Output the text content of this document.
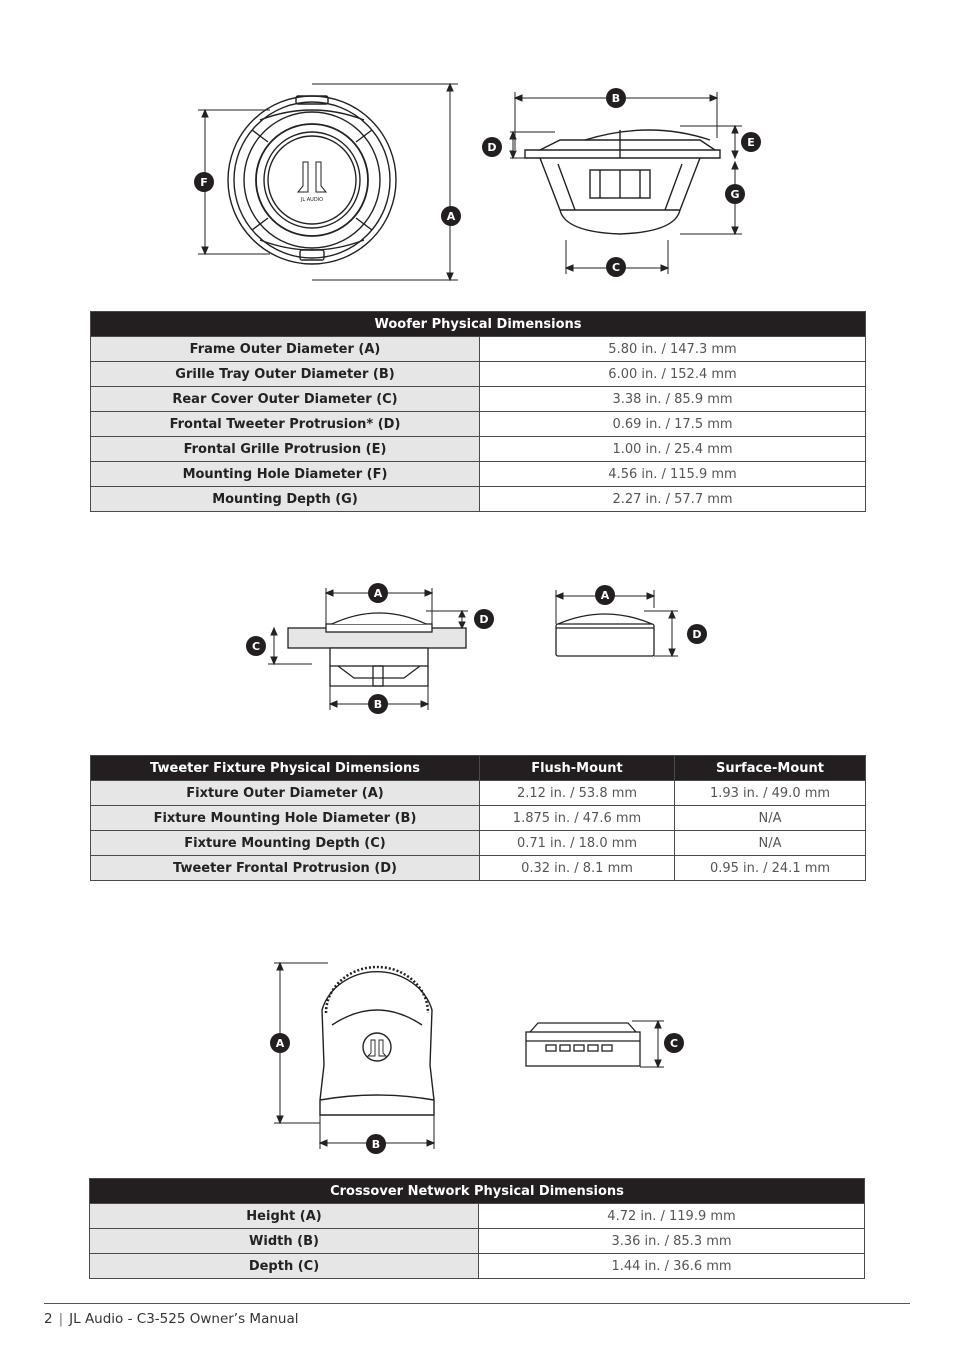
JL AUDIO
B
D	E
F
G
A
C
Woofer Physical Dimensions	
Frame Outer Diameter (A)	5.80 in. / 147.3 mm
Grille Tray Outer Diameter (B)	6.00 in. / 152.4 mm
Rear Cover Outer Diameter (C)	3.38 in. / 85.9 mm
Frontal Tweeter Protrusion* (D)	0.69 in. / 17.5 mm
Frontal Grille Protrusion (E)	1.00 in. / 25.4 mm
Mounting Hole Diameter (F)	4.56 in. / 115.9 mm
Mounting Depth (G)	2.27 in. / 57.7 mm
A
D
C
B
A
D
Tweeter Fixture Physical Dimensions	Flush-Mount	Surface-Mount
Fixture Outer Diameter (A)	2.12 in. / 53.8 mm	1.93 in. / 49.0 mm
Fixture Mounting Hole Diameter (B)	1.875 in. / 47.6 mm	N/A
Fixture Mounting Depth (C)	0.71 in. / 18.0 mm	N/A
Tweeter Frontal Protrusion (D)	0.32 in. / 8.1 mm	0.95 in. / 24.1 mm
A
B
C
Crossover Network Physical Dimensions	
Height (A)	4.72 in. / 119.9 mm
Width (B)	3.36 in. / 85.3 mm
Depth (C)	1.44 in. / 36.6 mm
2 | JL Audio - C3-525 Owner’s Manual
